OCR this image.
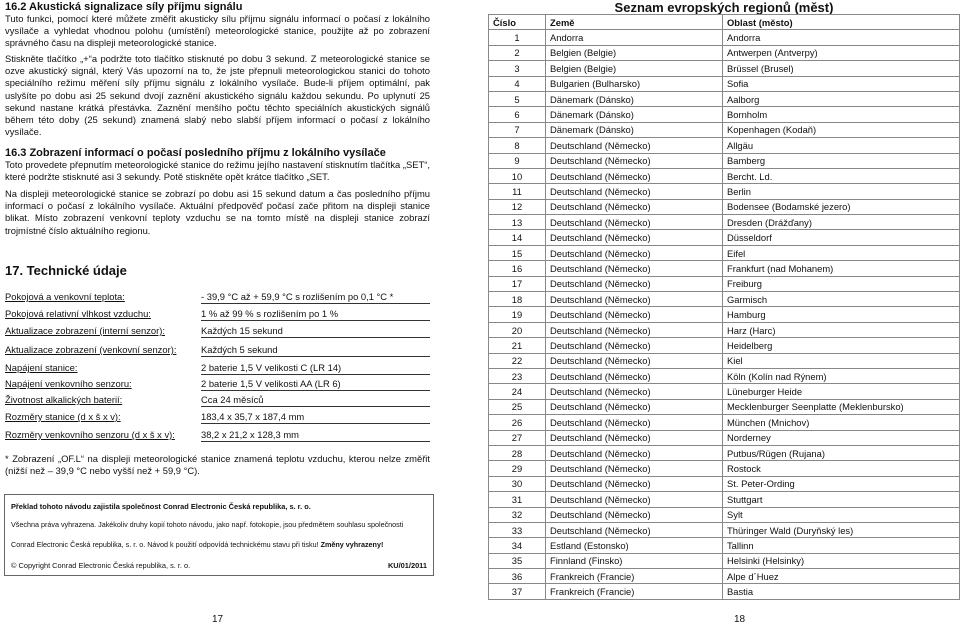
16.2 Akustická signalizace síly příjmu signálu
Tuto funkci, pomocí které můžete změřit akusticky sílu příjmu signálu informací o počasí z lokálního vysílače a vyhledat vhodnou polohu (umístění) meteorologické stanice, použijte až po zobrazení správného času na displeji meteorologické stanice.
Stiskněte tlačítko „+“a podržte toto tlačítko stisknuté po dobu 3 sekund. Z meteorologické stanice se ozve akustický signál, který Vás upozorní na to, že jste přepnuli meteorologickou stanici do tohoto speciálního režimu měření síly příjmu signálu z lokálního vysílače. Bude-li příjem optimální, pak uslyšíte po dobu asi 25 sekund dvojí zaznění akustického signálu každou sekundu. Po uplynutí 25 sekund nastane krátká přestávka. Zaznění menšího počtu těchto speciálních akustických signálů během této doby (25 sekund) znamená slabý nebo slabší příjem informací o počasí z lokálního vysílače.
16.3 Zobrazení informací o počasí posledního příjmu z lokálního vysílače
Toto provedete přepnutím meteorologické stanice do režimu jejího nastavení stisknutím tlačítka „SET“, které podržte stisknuté asi 3 sekundy. Potě stiskněte opět krátce tlačítko „SET.
Na displeji meteorologické stanice se zobrazí po dobu asi 15 sekund datum a čas posledního příjmu informací o počasí z lokálního vysílače. Aktuální předpověď počasí zače přitom na displeji stanice blikat. Místo zobrazení venkovní teploty vzduchu se na tomto místě na displeji stanice zobrazí trojmístné číslo aktuálního regionu.
17. Technické údaje
Pokojová a venkovní teplota:	- 39,9 °C až + 59,9 °C s rozlišením po 0,1 °C *
Pokojová relativní vlhkost vzduchu:	1 % až 99 % s rozlišením po 1 %
Aktualizace zobrazení (interní senzor):	Každých 15 sekund
Aktualizace zobrazení (venkovní senzor):	Každých 5 sekund
Napájení stanice:	2 baterie 1,5 V velikosti C (LR 14)
Napájení venkovního senzoru:	2 baterie 1,5 V velikosti AA (LR 6)
Životnost alkalických baterií:	Cca 24 měsíců
Rozměry stanice (d x š x v):	183,4 x 35,7 x 187,4 mm
Rozměry venkovního senzoru (d x š x v):	38,2 x 21,2 x 128,3 mm
* Zobrazení „OF.L“ na displeji meteorologické stanice znamená teplotu vzduchu, kterou nelze změřit (nižší než – 39,9 °C nebo vyšší než + 59,9 °C).
Překlad tohoto návodu zajistila společnost Conrad Electronic Česká republika, s. r. o.
Všechna práva vyhrazena. Jakékoliv druhy kopií tohoto návodu, jako např. fotokopie, jsou předmětem souhlasu společnosti
Conrad Electronic Česká republika, s. r. o. Návod k použití odpovídá technickému stavu při tisku! Změny vyhrazeny!
© Copyright Conrad Electronic Česká republika, s. r. o.	KU/01/2011
17
Seznam evropských regionů (měst)
Číslo	Země	Oblast (město)
1	Andorra	Andorra
2	Belgien (Belgie)	Antwerpen (Antverpy)
3	Belgien (Belgie)	Brüssel (Brusel)
4	Bulgarien (Bulharsko)	Sofia
5	Dänemark (Dánsko)	Aalborg
6	Dänemark (Dánsko)	Bornholm
7	Dänemark (Dánsko)	Kopenhagen (Kodaň)
8	Deutschland (Německo)	Allgäu
9	Deutschland (Německo)	Bamberg
10	Deutschland (Německo)	Bercht. Ld.
11	Deutschland (Německo)	Berlin
12	Deutschland (Německo)	Bodensee (Bodamské jezero)
13	Deutschland (Německo)	Dresden (Drážďany)
14	Deutschland (Německo)	Düsseldorf
15	Deutschland (Německo)	Eifel
16	Deutschland (Německo)	Frankfurt (nad Mohanem)
17	Deutschland (Německo)	Freiburg
18	Deutschland (Německo)	Garmisch
19	Deutschland (Německo)	Hamburg
20	Deutschland (Německo)	Harz (Harc)
21	Deutschland (Německo)	Heidelberg
22	Deutschland (Německo)	Kiel
23	Deutschland (Německo)	Köln (Kolín nad Rýnem)
24	Deutschland (Německo)	Lüneburger Heide
25	Deutschland (Německo)	Mecklenburger Seenplatte (Meklenbursko)
26	Deutschland (Německo)	München (Mnichov)
27	Deutschland (Německo)	Norderney
28	Deutschland (Německo)	Putbus/Rügen (Rujana)
29	Deutschland (Německo)	Rostock
30	Deutschland (Německo)	St. Peter-Ording
31	Deutschland (Německo)	Stuttgart
32	Deutschland (Německo)	Sylt
33	Deutschland (Německo)	Thüringer Wald (Duryňský les)
34	Estland (Estonsko)	Tallinn
35	Finnland (Finsko)	Helsinki (Helsinky)
36	Frankreich (Francie)	Alpe d´Huez
37	Frankreich (Francie)	Bastia
18
